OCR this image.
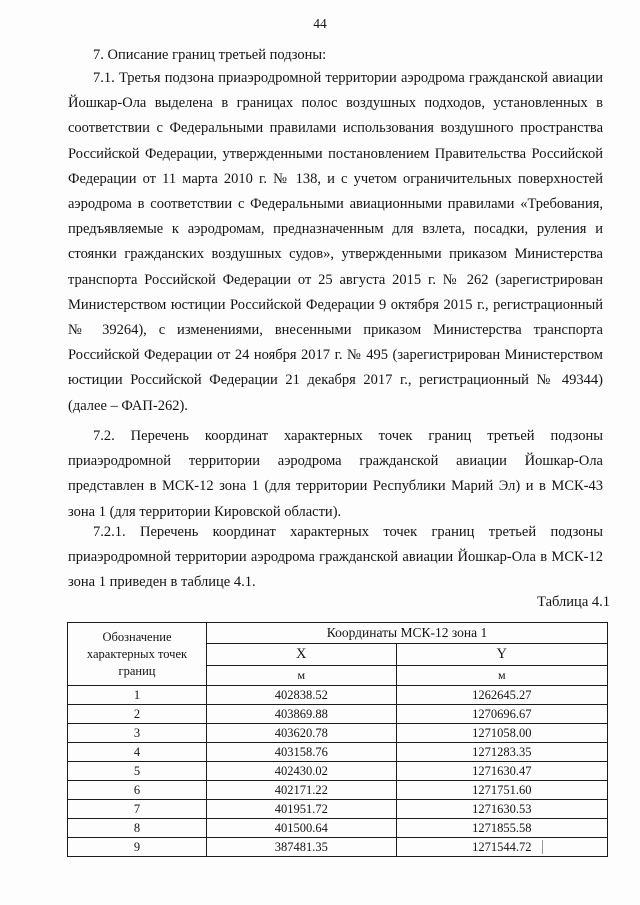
44
7. Описание границ третьей подзоны:

7.1. Третья подзона приаэродромной территории аэродрома гражданской авиации Йошкар-Ола выделена в границах полос воздушных подходов, установленных в соответствии с Федеральными правилами использования воздушного пространства Российской Федерации, утвержденными постановлением Правительства Российской Федерации от 11 марта 2010 г. № 138, и с учетом ограничительных поверхностей аэродрома в соответствии с Федеральными авиационными правилами «Требования, предъявляемые к аэродромам, предназначенным для взлета, посадки, руления и стоянки гражданских воздушных судов», утвержденными приказом Министерства транспорта Российской Федерации от 25 августа 2015 г. № 262 (зарегистрирован Министерством юстиции Российской Федерации 9 октября 2015 г., регистрационный № 39264), с изменениями, внесенными приказом Министерства транспорта Российской Федерации от 24 ноября 2017 г. № 495 (зарегистрирован Министерством юстиции Российской Федерации 21 декабря 2017 г., регистрационный № 49344) (далее – ФАП-262).

7.2. Перечень координат характерных точек границ третьей подзоны приаэродромной территории аэродрома гражданской авиации Йошкар-Ола представлен в МСК-12 зона 1 (для территории Республики Марий Эл) и в МСК-43 зона 1 (для территории Кировской области).

7.2.1. Перечень координат характерных точек границ третьей подзоны приаэродромной территории аэродрома гражданской авиации Йошкар-Ола в МСК-12 зона 1 приведен в таблице 4.1.

Таблица 4.1
Обозначение характерных точек границ	Координаты МСК-12 зона 1	
	X	Y
	м	м
1	402838.52	1262645.27
2	403869.88	1270696.67
3	403620.78	1271058.00
4	403158.76	1271283.35
5	402430.02	1271630.47
6	402171.22	1271751.60
7	401951.72	1271630.53
8	401500.64	1271855.58
9	387481.35	1271544.72
